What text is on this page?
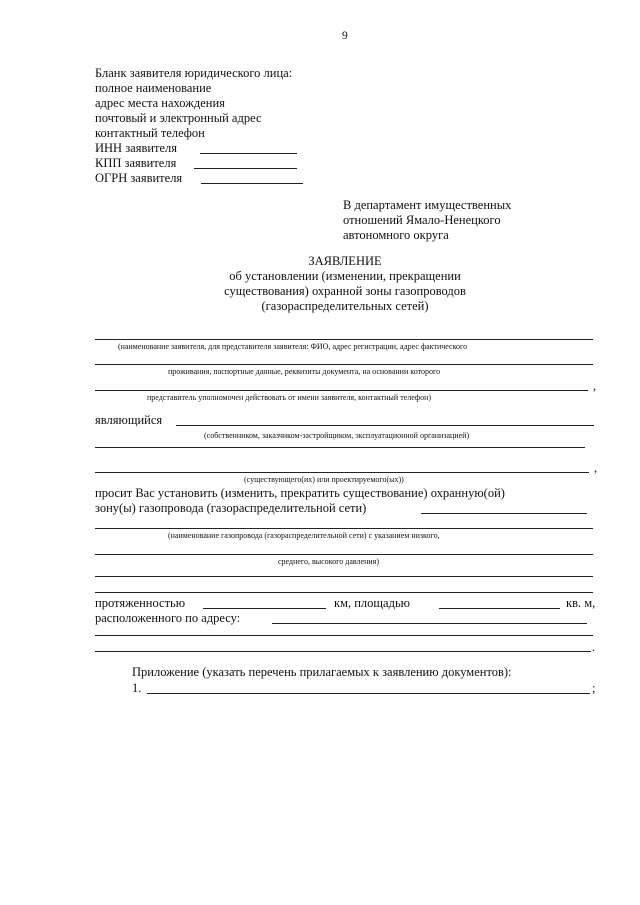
9
Бланк заявителя юридического лица:
полное наименование
адрес места нахождения
почтовый и электронный адрес
контактный телефон
ИНН заявителя
КПП заявителя
ОГРН заявителя
В департамент имущественных
отношений Ямало-Ненецкого
автономного округа
ЗАЯВЛЕНИЕ
об установлении (изменении, прекращении
существования) охранной зоны газопроводов
(газораспределительных сетей)
(наименование заявителя, для представителя заявителя: ФИО, адрес регистрации, адрес фактического
проживания, паспортные данные, реквизиты документа, на основании которого
,
представитель уполномочен действовать от имени заявителя, контактный телефон)
являющийся
(собственником, заказчиком-застройщиком, эксплуатационной организацией)
,
(существующего(их) или проектируемого(ых))
просит Вас установить (изменить, прекратить существование) охранную(ой)
зону(ы) газопровода (газораспределительной сети)
(наименование газопровода (газораспределительной сети) с указанием низкого,
среднего, высокого давления)
протяженностью	км, площадью	кв. м,
расположенного по адресу:
.
Приложение (указать перечень прилагаемых к заявлению документов):
1.	;
